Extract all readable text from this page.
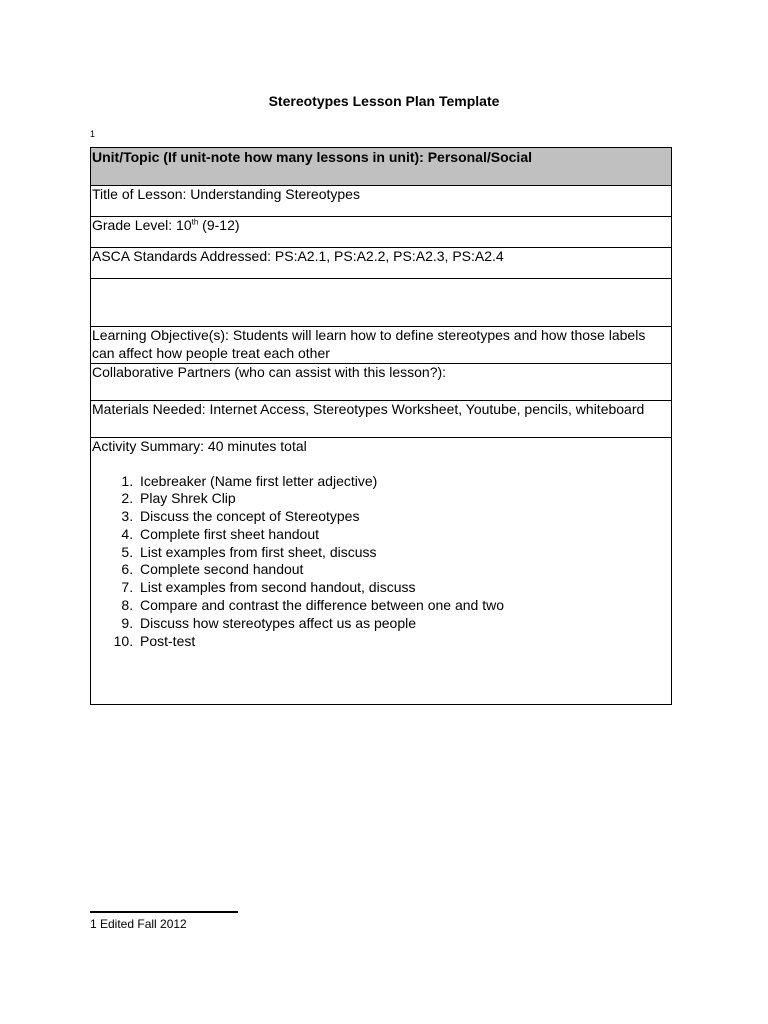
Stereotypes Lesson Plan Template
1
Unit/Topic (If unit-note how many lessons in unit): Personal/Social
Title of Lesson: Understanding Stereotypes
Grade Level: 10th (9-12)
ASCA Standards Addressed: PS:A2.1, PS:A2.2, PS:A2.3, PS:A2.4

Learning Objective(s): Students will learn how to define stereotypes and how those labels can affect how people treat each other
Collaborative Partners (who can assist with this lesson?):
Materials Needed: Internet Access, Stereotypes Worksheet, Youtube, pencils, whiteboard

Activity Summary: 40 minutes total
1. Icebreaker (Name first letter adjective)
2. Play Shrek Clip
3. Discuss the concept of Stereotypes
4. Complete first sheet handout
5. List examples from first sheet, discuss
6. Complete second handout
7. List examples from second handout, discuss
8. Compare and contrast the difference between one and two
9. Discuss how stereotypes affect us as people
10. Post-test
1 Edited Fall 2012
